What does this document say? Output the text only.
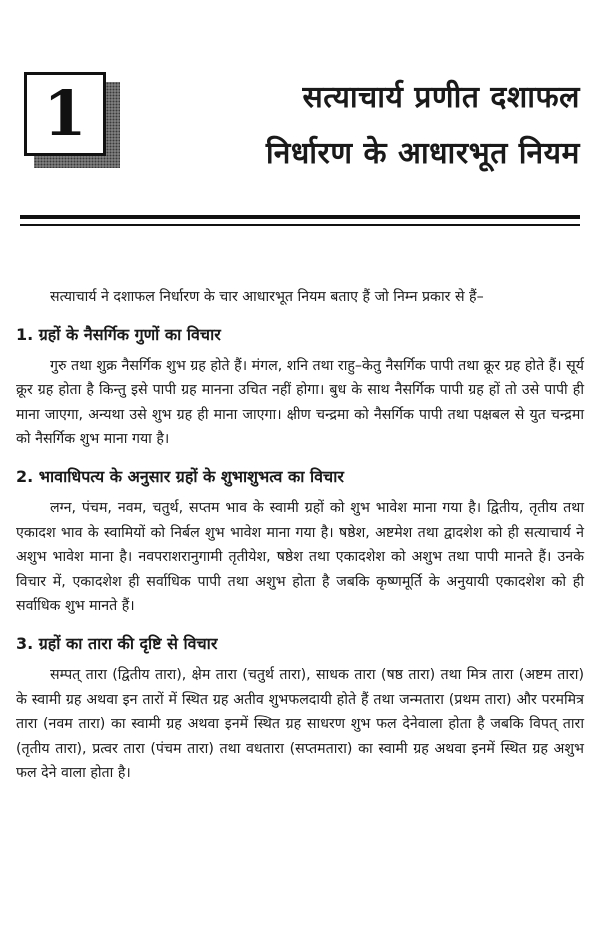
1	सत्याचार्य प्रणीत दशाफल
निर्धारण के आधारभूत नियम

सत्याचार्य ने दशाफल निर्धारण के चार आधारभूत नियम बताए हैं जो निम्न प्रकार से हैं–

1. ग्रहों के नैसर्गिक गुणों का विचार

गुरु तथा शुक्र नैसर्गिक शुभ ग्रह होते हैं। मंगल, शनि तथा राहु–केतु नैसर्गिक पापी तथा क्रूर ग्रह होते हैं। सूर्य क्रूर ग्रह होता है किन्तु इसे पापी ग्रह मानना उचित नहीं होगा। बुध के साथ नैसर्गिक पापी ग्रह हों तो उसे पापी ही माना जाएगा, अन्यथा उसे शुभ ग्रह ही माना जाएगा। क्षीण चन्द्रमा को नैसर्गिक पापी तथा पक्षबल से युत चन्द्रमा को नैसर्गिक शुभ माना गया है।

2. भावाधिपत्य के अनुसार ग्रहों के शुभाशुभत्व का विचार

लग्न, पंचम, नवम, चतुर्थ, सप्तम भाव के स्वामी ग्रहों को शुभ भावेश माना गया है। द्वितीय, तृतीय तथा एकादश भाव के स्वामियों को निर्बल शुभ भावेश माना गया है। षष्ठेश, अष्टमेश तथा द्वादशेश को ही सत्याचार्य ने अशुभ भावेश माना है। नवपराशरानुगामी तृतीयेश, षष्ठेश तथा एकादशेश को अशुभ तथा पापी मानते हैं। उनके विचार में, एकादशेश ही सर्वाधिक पापी तथा अशुभ होता है जबकि कृष्णमूर्ति के अनुयायी एकादशेश को ही सर्वाधिक शुभ मानते हैं।

3. ग्रहों का तारा की दृष्टि से विचार

सम्पत् तारा (द्वितीय तारा), क्षेम तारा (चतुर्थ तारा), साधक तारा (षष्ठ तारा) तथा मित्र तारा (अष्टम तारा) के स्वामी ग्रह अथवा इन तारों में स्थित ग्रह अतीव शुभफलदायी होते हैं तथा जन्मतारा (प्रथम तारा) और परममित्र तारा (नवम तारा) का स्वामी ग्रह अथवा इनमें स्थित ग्रह साधरण शुभ फल देनेवाला होता है जबकि विपत् तारा (तृतीय तारा), प्रत्वर तारा (पंचम तारा) तथा वधतारा (सप्तमतारा) का स्वामी ग्रह अथवा इनमें स्थित ग्रह अशुभ फल देने वाला होता है।
